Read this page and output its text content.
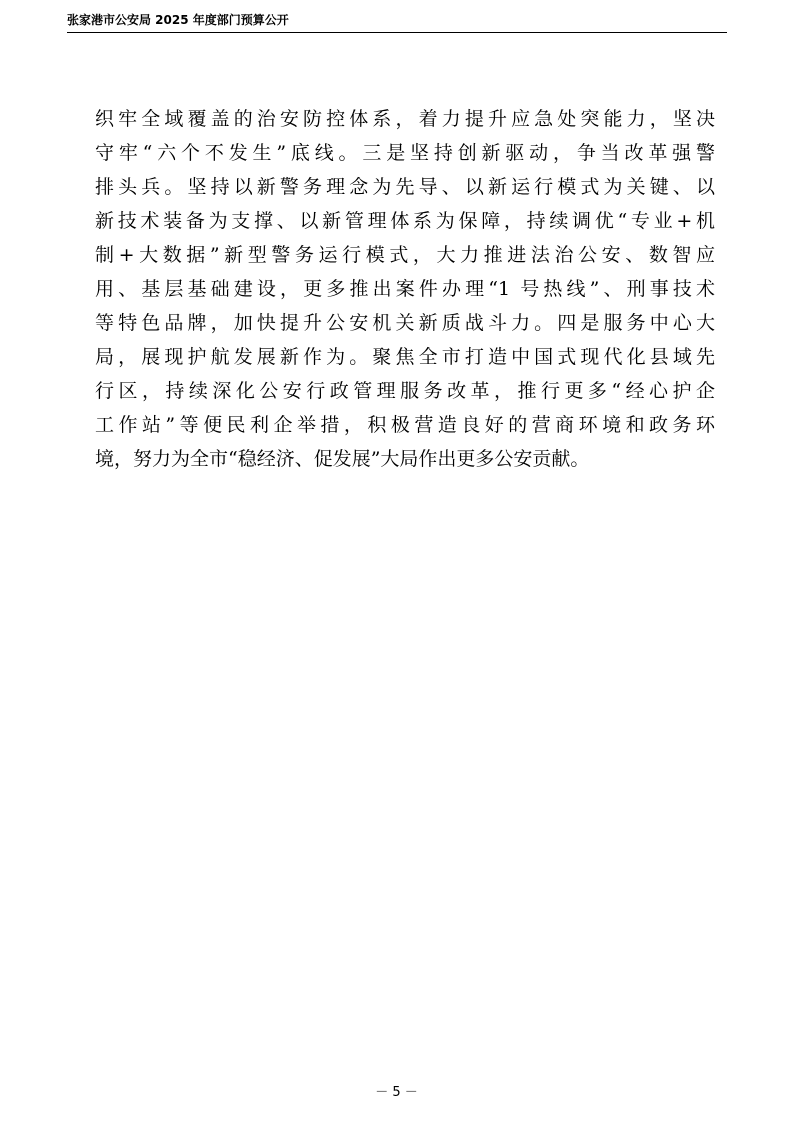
张家港市公安局 2025 年度部门预算公开
织牢全域覆盖的治安防控体系，着力提升应急处突能力，坚决
守牢“六个不发生”底线。三是坚持创新驱动，争当改革强警
排头兵。坚持以新警务理念为先导、以新运行模式为关键、以
新技术装备为支撑、以新管理体系为保障，持续调优“专业+机
制+大数据”新型警务运行模式，大力推进法治公安、数智应
用、基层基础建设，更多推出案件办理“1 号热线”、刑事技术
等特色品牌，加快提升公安机关新质战斗力。四是服务中心大
局，展现护航发展新作为。聚焦全市打造中国式现代化县域先
行区，持续深化公安行政管理服务改革，推行更多“经心护企
工作站”等便民利企举措，积极营造良好的营商环境和政务环
境，努力为全市“稳经济、促发展”大局作出更多公安贡献。
－ 5 －
